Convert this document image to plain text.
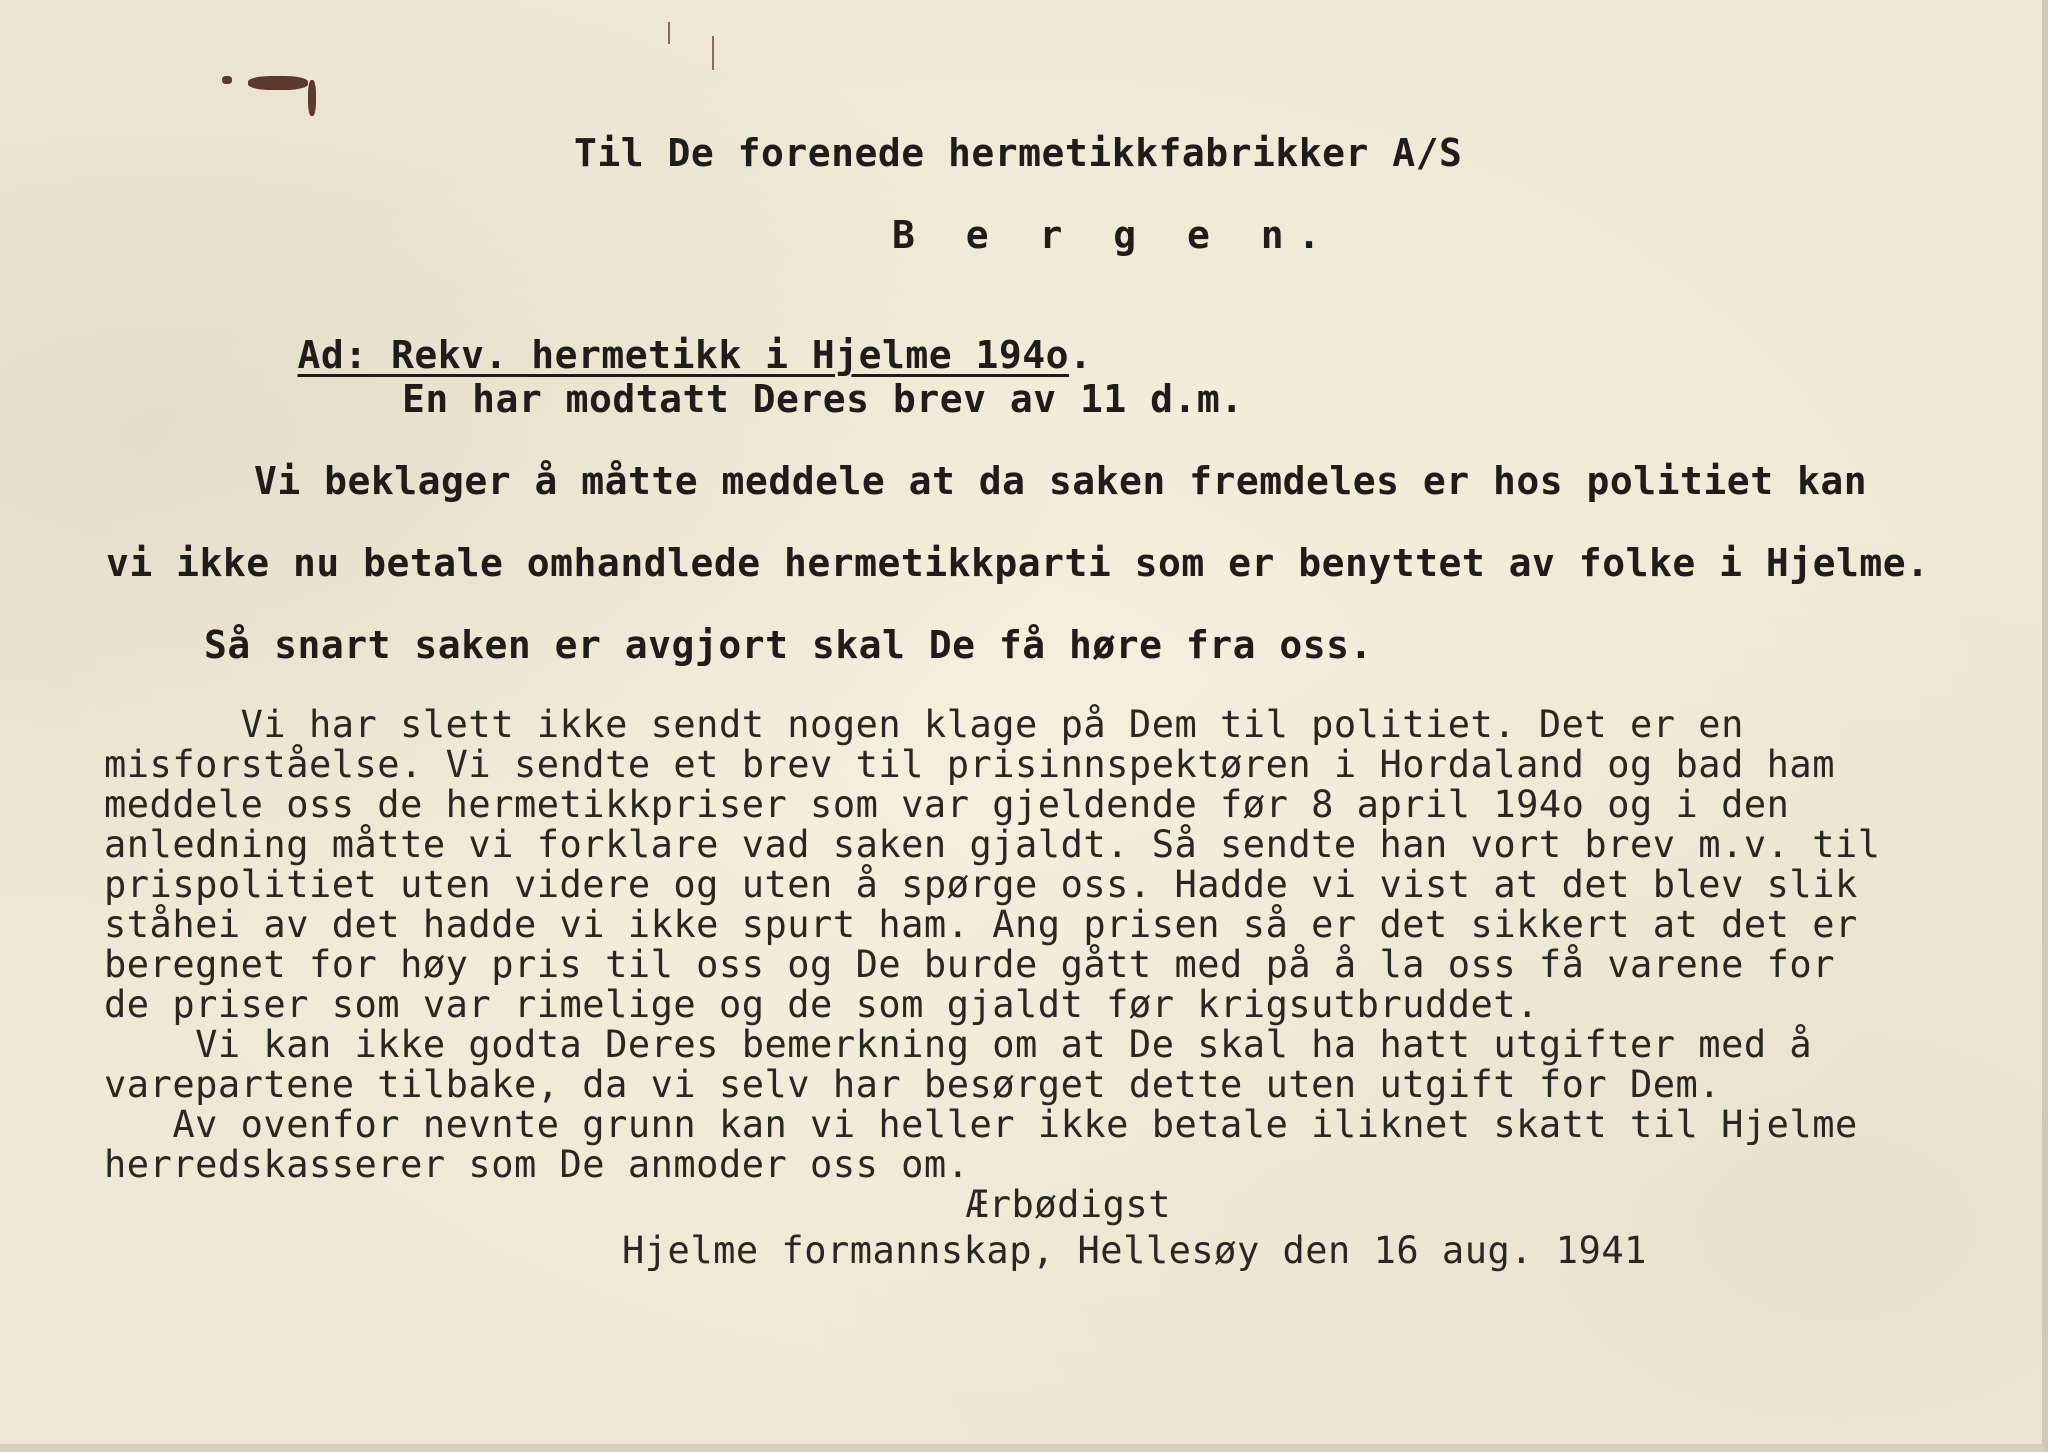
Til De forenede hermetikkfabrikker A/S
B e r g e n.

Ad: Rekv. hermetikk i Hjelme 194o.

En har modtatt Deres brev av 11 d.m.
Vi beklager å måtte meddele at da saken fremdeles er hos politiet kan
vi ikke nu betale omhandlede hermetikkparti som er benyttet av folke i Hjelme.
Så snart saken er avgjort skal De få høre fra oss.
Vi har slett ikke sendt nogen klage på Dem til politiet. Det er en
misforståelse. Vi sendte et brev til prisinnspektøren i Hordaland og bad ham
meddele oss de hermetikkpriser som var gjeldende før 8 april 194o og i den
anledning måtte vi forklare vad saken gjaldt. Så sendte han vort brev m.v. til
prispolitiet uten videre og uten å spørge oss. Hadde vi vist at det blev slik
ståhei av det hadde vi ikke spurt ham. Ang prisen så er det sikkert at det er
beregnet for høy pris til oss og De burde gått med på å la oss få varene for
de priser som var rimelige og de som gjaldt før krigsutbruddet.
Vi kan ikke godta Deres bemerkning om at De skal ha hatt utgifter med å
varepartene tilbake, da vi selv har besørget dette uten utgift for Dem.
Av ovenfor nevnte grunn kan vi heller ikke betale iliknet skatt til Hjelme
herredskasserer som De anmoder oss om.
Ærbødigst
Hjelme formannskap, Hellesøy den 16 aug. 1941
